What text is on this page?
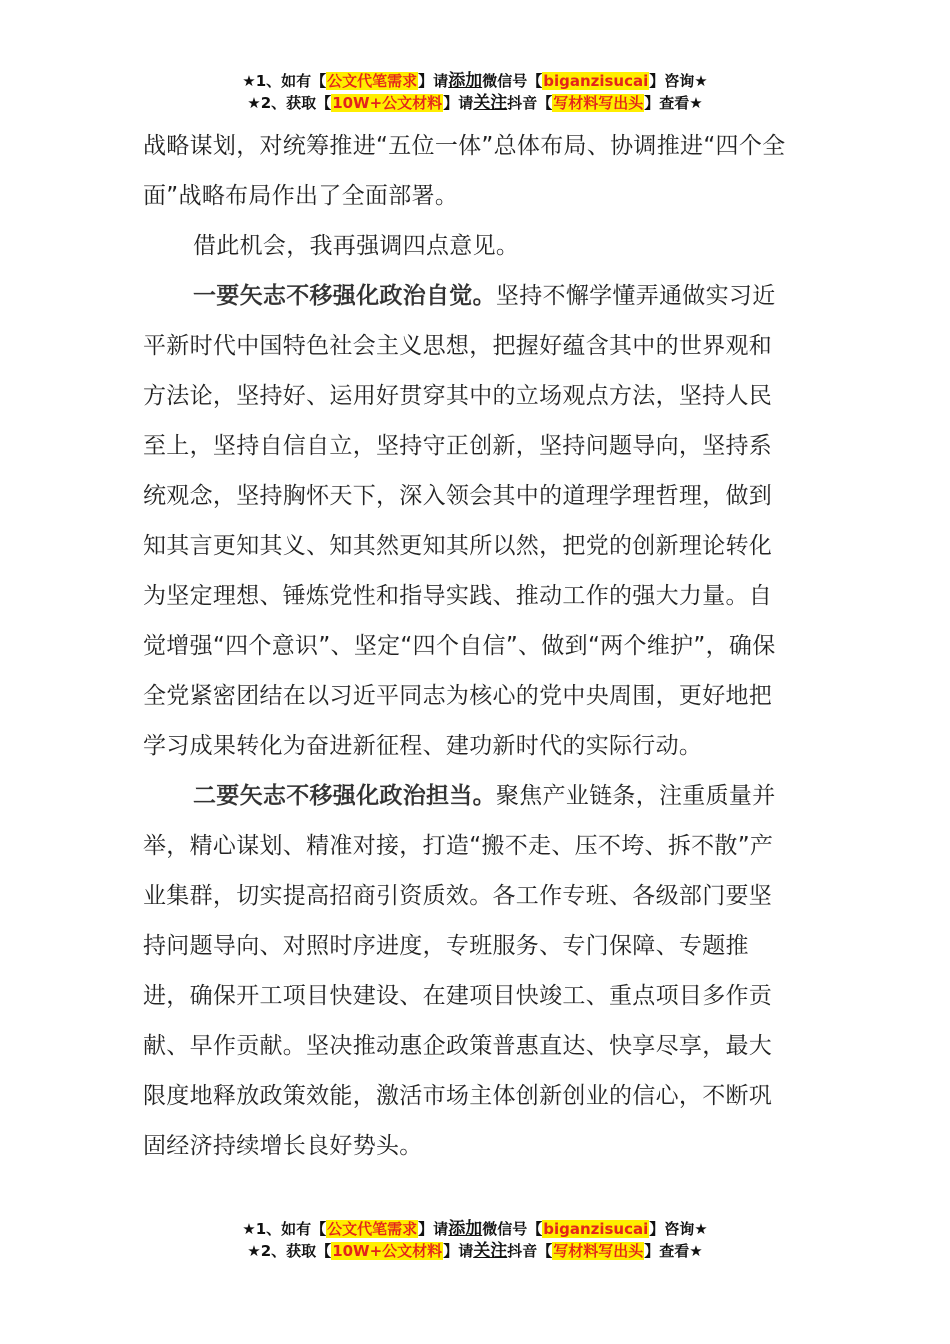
★1、如有【公文代笔需求】请添加微信号【biganzisucai】咨询★
★2、获取【10W+公文材料】请关注抖音【写材料写出头】查看★

战略谋划，对统筹推进“五位一体”总体布局、协调推进“四个全面”战略布局作出了全面部署。

借此机会，我再强调四点意见。

一要矢志不移强化政治自觉。坚持不懈学懂弄通做实习近平新时代中国特色社会主义思想，把握好蕴含其中的世界观和方法论，坚持好、运用好贯穿其中的立场观点方法，坚持人民至上，坚持自信自立，坚持守正创新，坚持问题导向，坚持系统观念，坚持胸怀天下，深入领会其中的道理学理哲理，做到知其言更知其义、知其然更知其所以然，把党的创新理论转化为坚定理想、锤炼党性和指导实践、推动工作的强大力量。自觉增强“四个意识”、坚定“四个自信”、做到“两个维护”，确保全党紧密团结在以习近平同志为核心的党中央周围，更好地把学习成果转化为奋进新征程、建功新时代的实际行动。

二要矢志不移强化政治担当。聚焦产业链条，注重质量并举，精心谋划、精准对接，打造“搬不走、压不垮、拆不散”产业集群，切实提高招商引资质效。各工作专班、各级部门要坚持问题导向、对照时序进度，专班服务、专门保障、专题推进，确保开工项目快建设、在建项目快竣工、重点项目多作贡献、早作贡献。坚决推动惠企政策普惠直达、快享尽享，最大限度地释放政策效能，激活市场主体创新创业的信心，不断巩固经济持续增长良好势头。

★1、如有【公文代笔需求】请添加微信号【biganzisucai】咨询★
★2、获取【10W+公文材料】请关注抖音【写材料写出头】查看★
